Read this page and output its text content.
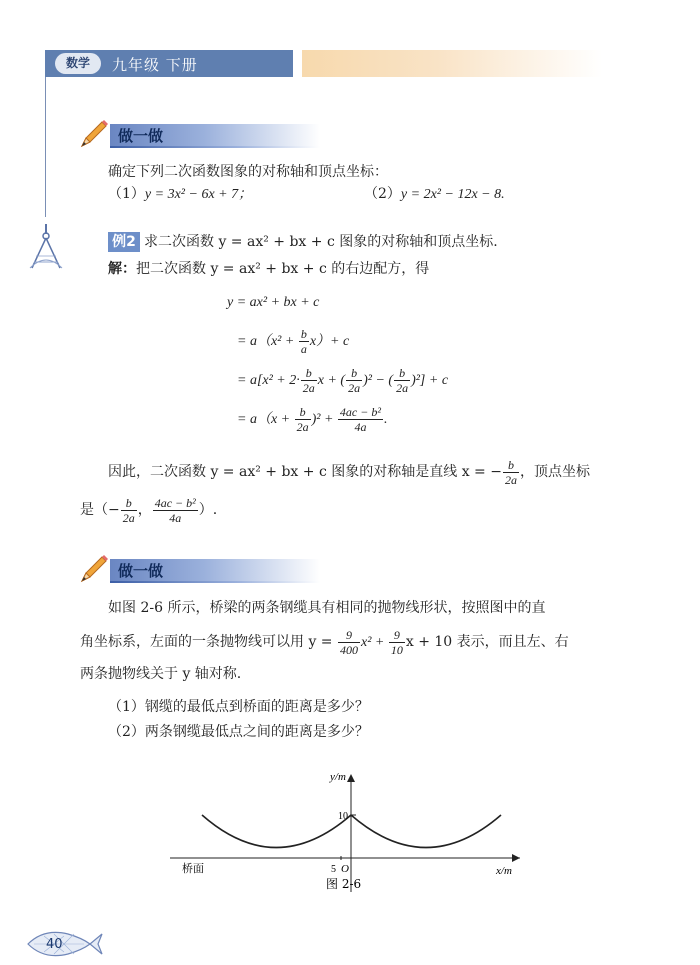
数学	九年级 下册
做一做
确定下列二次函数图象的对称轴和顶点坐标：
（1）y = 3x² − 6x + 7；	（2）y = 2x² − 12x − 8.
例2 求二次函数 y = ax² + bx + c 图象的对称轴和顶点坐标.
解：把二次函数 y = ax² + bx + c 的右边配方，得
y = ax² + bx + c
= $a(x^2 + \frac{b}{a} x)+ c$
= $a[x^2 + 2\cdot \frac{b}{2a}$ x + ( $\frac{b}{2a} )^2$ − ( $\frac{b}{2a} )^2] + c$
= $a(x + \frac{b}{2a} )^2 + \frac{\text{4ac − b²}}{4a}$ .
因此，二次函数 y = ax² + bx + c 图象的对称轴是直线 x = − $\frac{b}{2a}$ ，顶点坐标
是（− $\frac{b}{2a}$ ， $\frac{\text{4ac − b²}}{4a}$ ）.
做一做
如图 2-6 所示，桥梁的两条钢缆具有相同的抛物线形状，按照图中的直
角坐标系，左面的一条抛物线可以用 $y = \frac{9}{400} x^2 + \frac{9}{10}$ x + 10 表示，而且左、右
两条抛物线关于 y 轴对称.
（1）钢缆的最低点到桥面的距离是多少？
（2）两条钢缆最低点之间的距离是多少？
y/m
x/m
10
5 O
桥面
图 2-6
40
